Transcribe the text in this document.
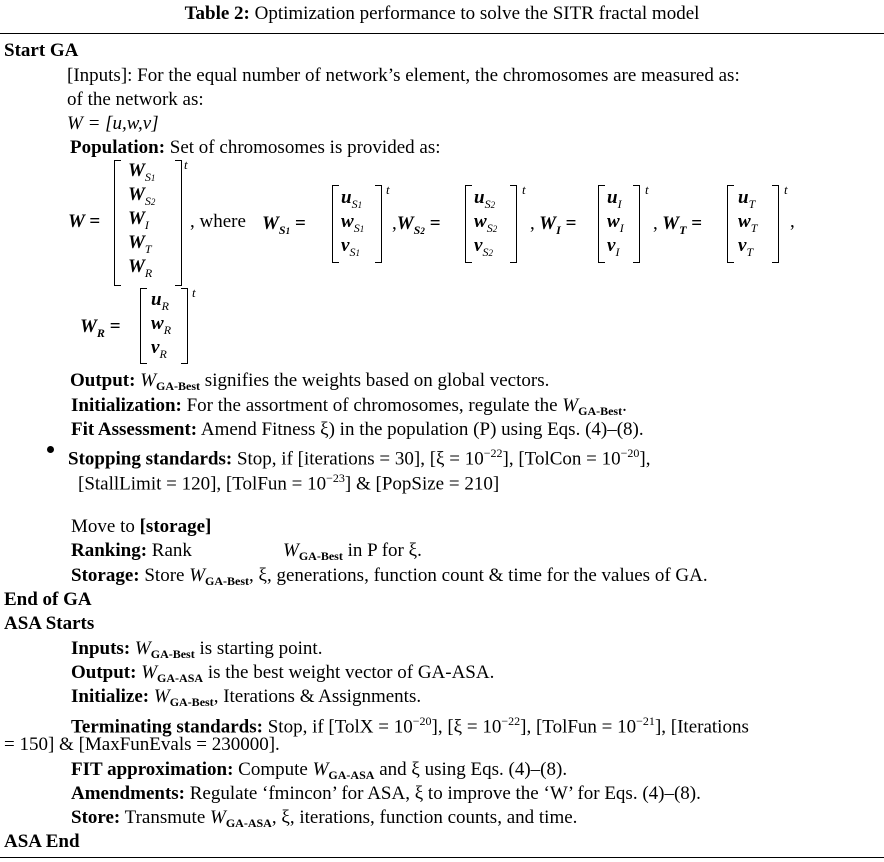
Table 2: Optimization performance to solve the SITR fractal model
Start GA
[Inputs]: For the equal number of network’s element, the chromosomes are measured as:
of the network as:
W = [u,w,v]
Population: Set of chromosomes is provided as:
W =
$W_{S1}$
$W_{S2}$
$W_I$
$W_T$
$W_R$
t
, where $W_{S1}$ =
$u_{S1}$
$w_{S1}$
$v_{S1}$
t
$,W_{S2}$ =
$u_{S2}$
$w_{S2}$
$v_{S2}$
t
, $W_I$ =
$u_I$
$w_I$
$v_I$
t
, $W_T$ =
$u_T$
$w_T$
$v_T$
t
,
$W_R$ =
$u_R$
$w_R$
$v_R$
t
Output: $W_{GA-Best}$ signifies the weights based on global vectors.
Initialization: For the assortment of chromosomes, regulate the $W_{GA-Best}$.
Fit Assessment: Amend Fitness ξ) in the population (P) using Eqs. (4)–(8).
Stopping standards: Stop, if [iterations = 30], $[\xi = 10^{-22}]$, [TolCon = $10^{-20}$],
[StallLimit = 120], [TolFun = $10^{-23}$] & [PopSize = 210]
Move to [storage]
Ranking: Rank	$W_{GA-Best}$ in P for ξ.
Storage: Store $W_{GA-Best}$, ξ, generations, function count & time for the values of GA.
End of GA
ASA Starts
Inputs: $W_{GA-Best}$ is starting point.
Output: $W_{GA-ASA}$ is the best weight vector of GA-ASA.
Initialize: $W_{GA-Best}$, Iterations & Assignments.
Terminating standards: Stop, if [TolX = $10^{-20}$], $[\xi = 10^{-22}]$, [TolFun = $10^{-21}$], [Iterations
= 150] & [MaxFunEvals = 230000].
FIT approximation: Compute $W_{GA-ASA}$ and ξ using Eqs. (4)–(8).
Amendments: Regulate ‘fmincon’ for ASA, ξ to improve the ‘W’ for Eqs. (4)–(8).
Store: Transmute $W_{GA-ASA}$, ξ, iterations, function counts, and time.
ASA End
